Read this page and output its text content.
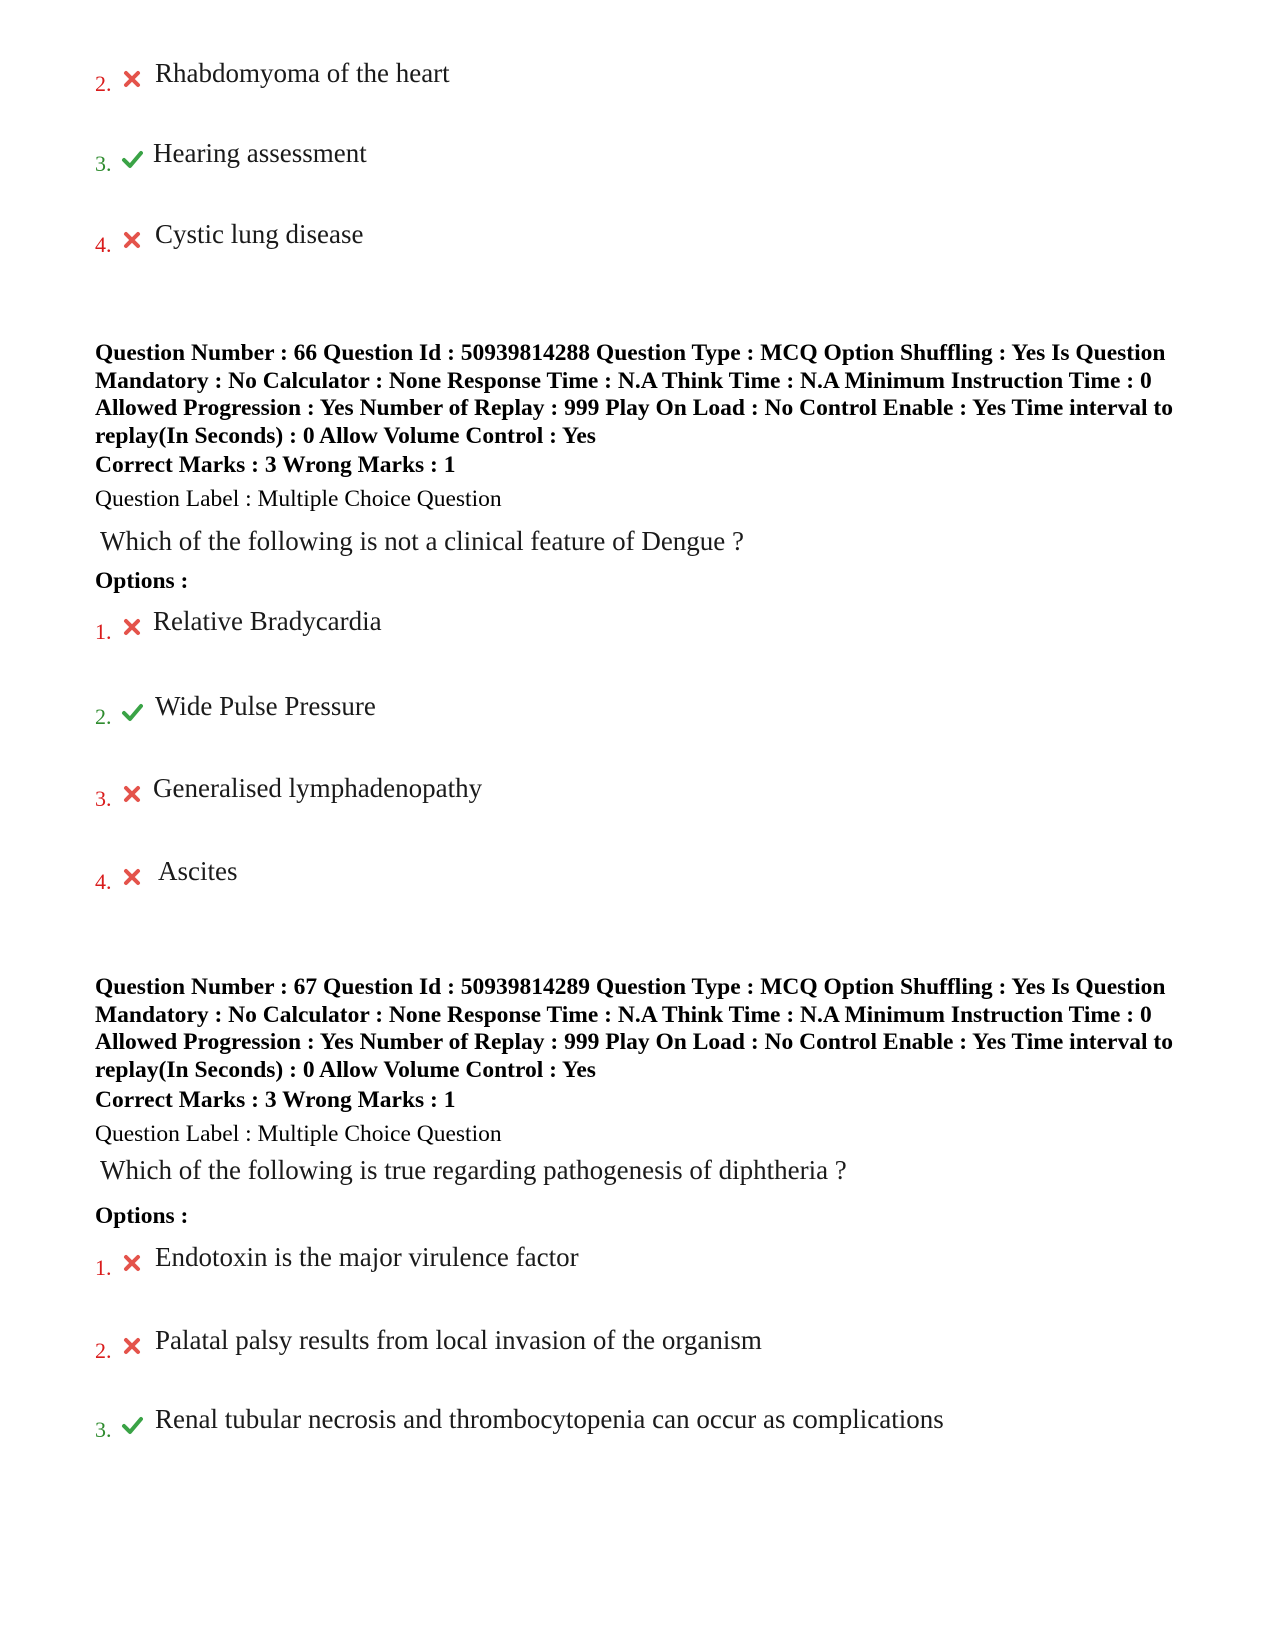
2. Rhabdomyoma of the heart
3. Hearing assessment
4. Cystic lung disease

Question Number : 66 Question Id : 50939814288 Question Type : MCQ Option Shuffling : Yes Is Question Mandatory : No Calculator : None Response Time : N.A Think Time : N.A Minimum Instruction Time : 0 Allowed Progression : Yes Number of Replay : 999 Play On Load : No Control Enable : Yes Time interval to replay(In Seconds) : 0 Allow Volume Control : Yes

Correct Marks : 3 Wrong Marks : 1

Question Label : Multiple Choice Question

Which of the following is not a clinical feature of Dengue ?

Options :

1. Relative Bradycardia
2. Wide Pulse Pressure
3. Generalised lymphadenopathy
4. Ascites

Question Number : 67 Question Id : 50939814289 Question Type : MCQ Option Shuffling : Yes Is Question Mandatory : No Calculator : None Response Time : N.A Think Time : N.A Minimum Instruction Time : 0 Allowed Progression : Yes Number of Replay : 999 Play On Load : No Control Enable : Yes Time interval to replay(In Seconds) : 0 Allow Volume Control : Yes

Correct Marks : 3 Wrong Marks : 1

Question Label : Multiple Choice Question

Which of the following is true regarding pathogenesis of diphtheria ?

Options :

1. Endotoxin is the major virulence factor
2. Palatal palsy results from local invasion of the organism
3. Renal tubular necrosis and thrombocytopenia can occur as complications
